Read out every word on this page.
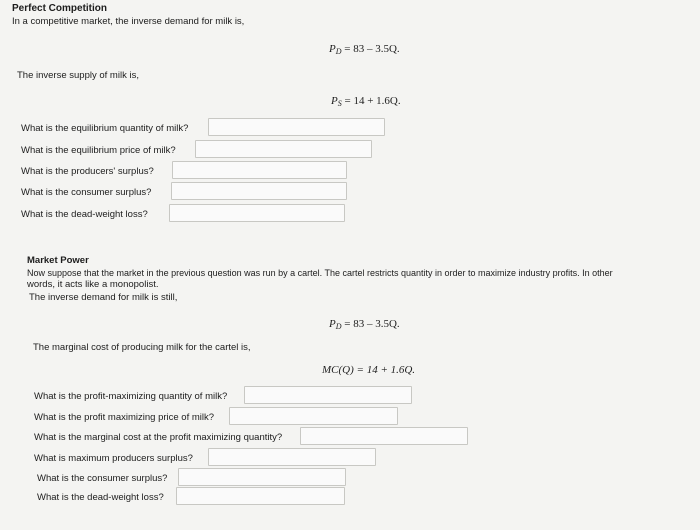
Perfect Competition
In a competitive market, the inverse demand for milk is,
$P_D = 83 - 3.5Q$.
The inverse supply of milk is,
$P_S = 14 + 1.6Q$.
What is the equilibrium quantity of milk?
What is the equilibrium price of milk?
What is the producers' surplus?
What is the consumer surplus?
What is the dead-weight loss?
Market Power
Now suppose that the market in the previous question was run by a cartel. The cartel restricts quantity in order to maximize industry profits. In other
words, it acts like a monopolist.
The inverse demand for milk is still,
$P_D = 83 - 3.5Q$.
The marginal cost of producing milk for the cartel is,
MC(Q) = 14 + 1.6Q.
What is the profit-maximizing quantity of milk?
What is the profit maximizing price of milk?
What is the marginal cost at the profit maximizing quantity?
What is maximum producers surplus?
What is the consumer surplus?
What is the dead-weight loss?
